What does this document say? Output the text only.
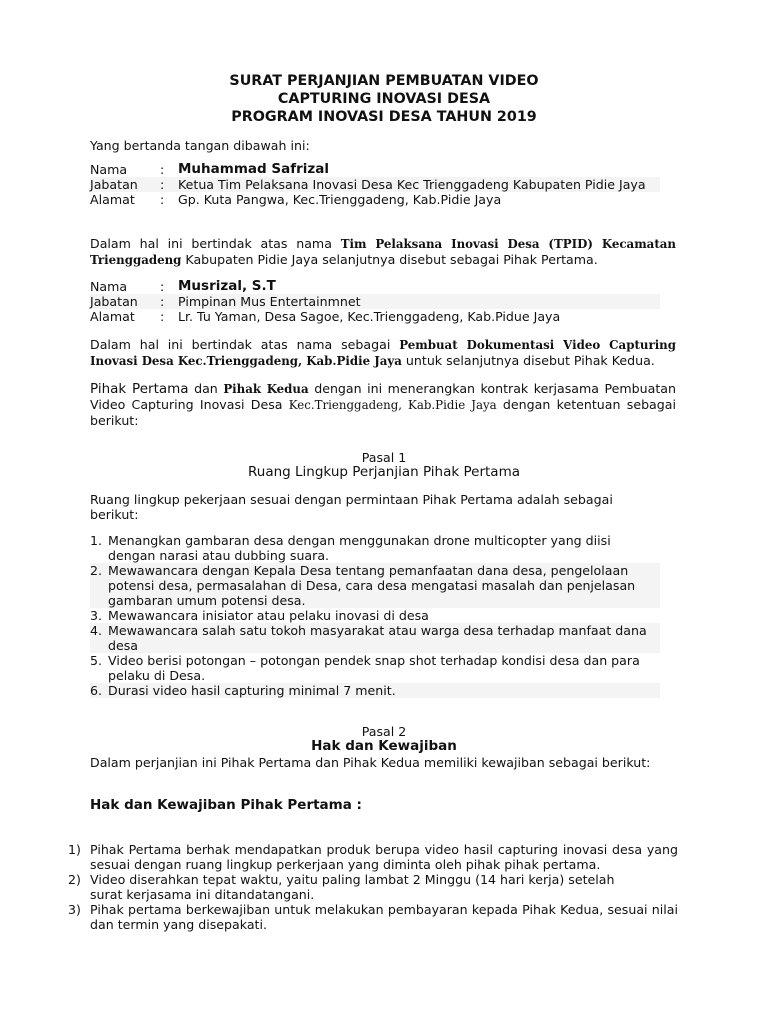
SURAT PERJANJIAN PEMBUATAN VIDEO
CAPTURING INOVASI DESA
PROGRAM INOVASI DESA TAHUN 2019
Yang bertanda tangan dibawah ini:
Nama	:	Muhammad Safrizal
Jabatan	:	Ketua Tim Pelaksana Inovasi Desa Kec Trienggadeng Kabupaten Pidie Jaya
Alamat	:	Gp. Kuta Pangwa, Kec.Trienggadeng, Kab.Pidie Jaya
Dalam hal ini bertindak atas nama Tim Pelaksana Inovasi Desa (TPID) Kecamatan Trienggadeng Kabupaten Pidie Jaya selanjutnya disebut sebagai Pihak Pertama.
Nama	:	Musrizal, S.T
Jabatan	:	Pimpinan Mus Entertainmnet
Alamat	:	Lr. Tu Yaman, Desa Sagoe, Kec.Trienggadeng, Kab.Pidue Jaya
Dalam hal ini bertindak atas nama sebagai Pembuat Dokumentasi Video Capturing Inovasi Desa Kec.Trienggadeng, Kab.Pidie Jaya untuk selanjutnya disebut Pihak Kedua.
Pihak Pertama dan Pihak Kedua dengan ini menerangkan kontrak kerjasama Pembuatan Video Capturing Inovasi Desa Kec.Trienggadeng, Kab.Pidie Jaya dengan ketentuan sebagai berikut:
Pasal 1
Ruang Lingkup Perjanjian Pihak Pertama
Ruang lingkup pekerjaan sesuai dengan permintaan Pihak Pertama adalah sebagai berikut:
1. Menangkan gambaran desa dengan menggunakan drone multicopter yang diisi dengan narasi atau dubbing suara.
2. Mewawancara dengan Kepala Desa tentang pemanfaatan dana desa, pengelolaan potensi desa, permasalahan di Desa, cara desa mengatasi masalah dan penjelasan gambaran umum potensi desa.
3. Mewawancara inisiator atau pelaku inovasi di desa
4. Mewawancara salah satu tokoh masyarakat atau warga desa terhadap manfaat dana desa
5. Video berisi potongan – potongan pendek snap shot terhadap kondisi desa dan para pelaku di Desa.
6. Durasi video hasil capturing minimal 7 menit.
Pasal 2
Hak dan Kewajiban
Dalam perjanjian ini Pihak Pertama dan Pihak Kedua memiliki kewajiban sebagai berikut:
Hak dan Kewajiban Pihak Pertama :
1) Pihak Pertama berhak mendapatkan produk berupa video hasil capturing inovasi desa yang sesuai dengan ruang lingkup perkerjaan yang diminta oleh pihak pihak pertama.
2) Video diserahkan tepat waktu, yaitu paling lambat 2 Minggu (14 hari kerja) setelah surat kerjasama ini ditandatangani.
3) Pihak pertama berkewajiban untuk melakukan pembayaran kepada Pihak Kedua, sesuai nilai dan termin yang disepakati.
